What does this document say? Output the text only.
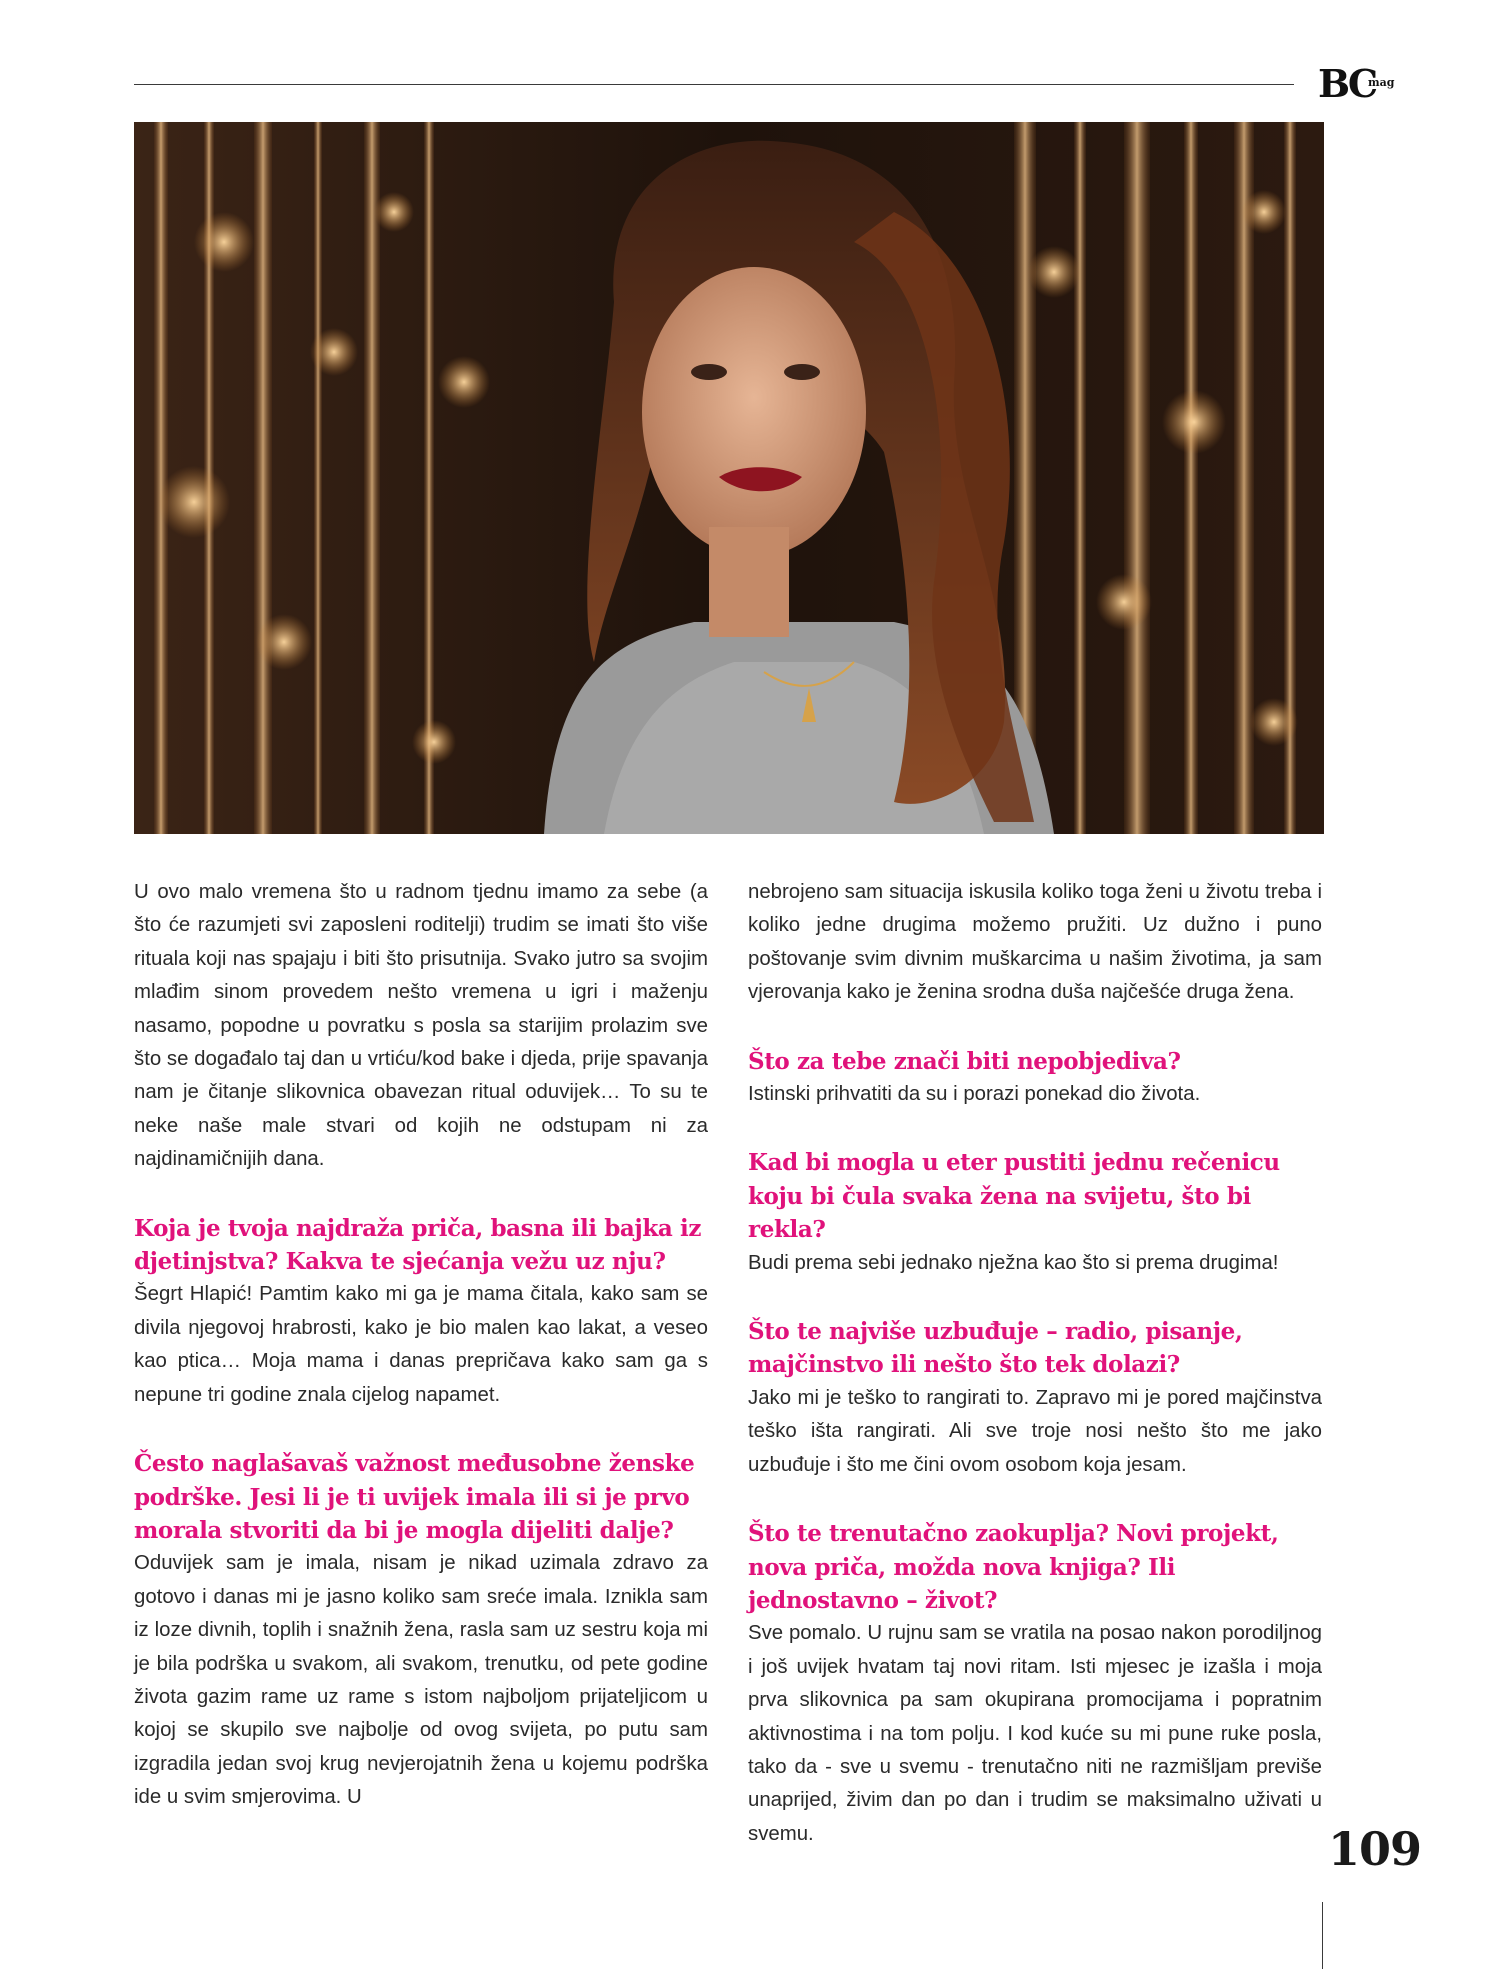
BC
mag

U ovo malo vremena što u radnom tjednu imamo za sebe (a što će razumjeti svi zaposleni roditelji) trudim se imati što više rituala koji nas spajaju i biti što prisutnija. Svako jutro sa svojim mlađim sinom provedem nešto vremena u igri i maženju nasamo, popodne u povratku s posla sa starijim prolazim sve što se događalo taj dan u vrtiću/kod bake i djeda, prije spavanja nam je čitanje slikovnica obavezan ritual oduvijek… To su te neke naše male stvari od kojih ne odstupam ni za najdinamičnijih dana.

Koja je tvoja najdraža priča, basna ili bajka iz djetinjstva? Kakva te sjećanja vežu uz nju?

Šegrt Hlapić! Pamtim kako mi ga je mama čitala, kako sam se divila njegovoj hrabrosti, kako je bio malen kao lakat, a veseo kao ptica… Moja mama i danas prepričava kako sam ga s nepune tri godine znala cijelog napamet.

Često naglašavaš važnost međusobne ženske podrške. Jesi li je ti uvijek imala ili si je prvo morala stvoriti da bi je mogla dijeliti dalje?

Oduvijek sam je imala, nisam je nikad uzimala zdravo za gotovo i danas mi je jasno koliko sam sreće imala. Iznikla sam iz loze divnih, toplih i snažnih žena, rasla sam uz sestru koja mi je bila podrška u svakom, ali svakom, trenutku, od pete godine života gazim rame uz rame s istom najboljom prijateljicom u kojoj se skupilo sve najbolje od ovog svijeta, po putu sam izgradila jedan svoj krug nevjerojatnih žena u kojemu podrška ide u svim smjerovima. U

nebrojeno sam situacija iskusila koliko toga ženi u životu treba i koliko jedne drugima možemo pružiti. Uz dužno i puno poštovanje svim divnim muškarcima u našim životima, ja sam vjerovanja kako je ženina srodna duša najčešće druga žena.

Što za tebe znači biti nepobjediva?

Istinski prihvatiti da su i porazi ponekad dio života.

Kad bi mogla u eter pustiti jednu rečenicu koju bi čula svaka žena na svijetu, što bi rekla?

Budi prema sebi jednako nježna kao što si prema drugima!

Što te najviše uzbuđuje – radio, pisanje, majčinstvo ili nešto što tek dolazi?

Jako mi je teško to rangirati to. Zapravo mi je pored majčinstva teško išta rangirati. Ali sve troje nosi nešto što me jako uzbuđuje i što me čini ovom osobom koja jesam.

Što te trenutačno zaokuplja? Novi projekt, nova priča, možda nova knjiga? Ili jednostavno – život?

Sve pomalo. U rujnu sam se vratila na posao nakon porodiljnog i još uvijek hvatam taj novi ritam. Isti mjesec je izašla i moja prva slikovnica pa sam okupirana promocijama i popratnim aktivnostima i na tom polju. I kod kuće su mi pune ruke posla, tako da - sve u svemu - trenutačno niti ne razmišljam previše unaprijed, živim dan po dan i trudim se maksimalno uživati u svemu.	109
